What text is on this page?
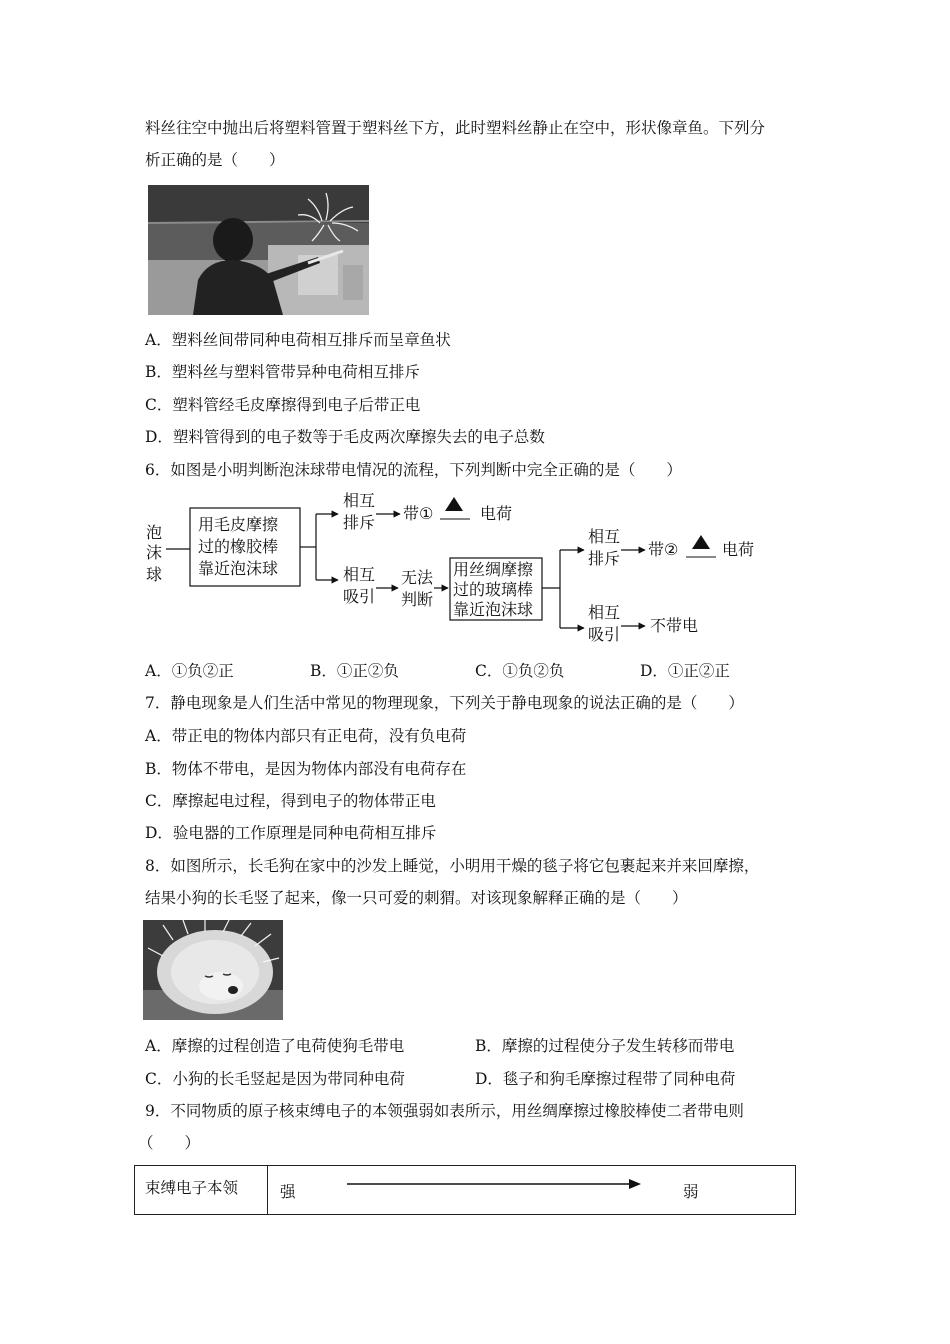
料丝往空中抛出后将塑料管置于塑料丝下方，此时塑料丝静止在空中，形状像章鱼。下列分
析正确的是（　　）
A．塑料丝间带同种电荷相互排斥而呈章鱼状
B．塑料丝与塑料管带异种电荷相互排斥
C．塑料管经毛皮摩擦得到电子后带正电
D．塑料管得到的电子数等于毛皮两次摩擦失去的电子总数
6．如图是小明判断泡沫球带电情况的流程，下列判断中完全正确的是（　　）
泡
沫
球
用毛皮摩擦
过的橡胶棒
靠近泡沫球
相互
排斥 带①	电荷
相互
吸引
无法
判断
用丝绸摩擦
过的玻璃棒
靠近泡沫球
相互
排斥 带②	电荷
相互
吸引 不带电
A．①负②正	B．①正②负	C．①负②负	D．①正②正
7．静电现象是人们生活中常见的物理现象，下列关于静电现象的说法正确的是（　　）
A．带正电的物体内部只有正电荷，没有负电荷
B．物体不带电，是因为物体内部没有电荷存在
C．摩擦起电过程，得到电子的物体带正电
D．验电器的工作原理是同种电荷相互排斥
8．如图所示，长毛狗在家中的沙发上睡觉，小明用干燥的毯子将它包裹起来并来回摩擦，
结果小狗的长毛竖了起来，像一只可爱的刺猬。对该现象解释正确的是（　　）
A．摩擦的过程创造了电荷使狗毛带电	B．摩擦的过程使分子发生转移而带电
C．小狗的长毛竖起是因为带同种电荷	D．毯子和狗毛摩擦过程带了同种电荷
9．不同物质的原子核束缚电子的本领强弱如表所示，用丝绸摩擦过橡胶棒使二者带电则
（　　）
束缚电子本领	强	弱
